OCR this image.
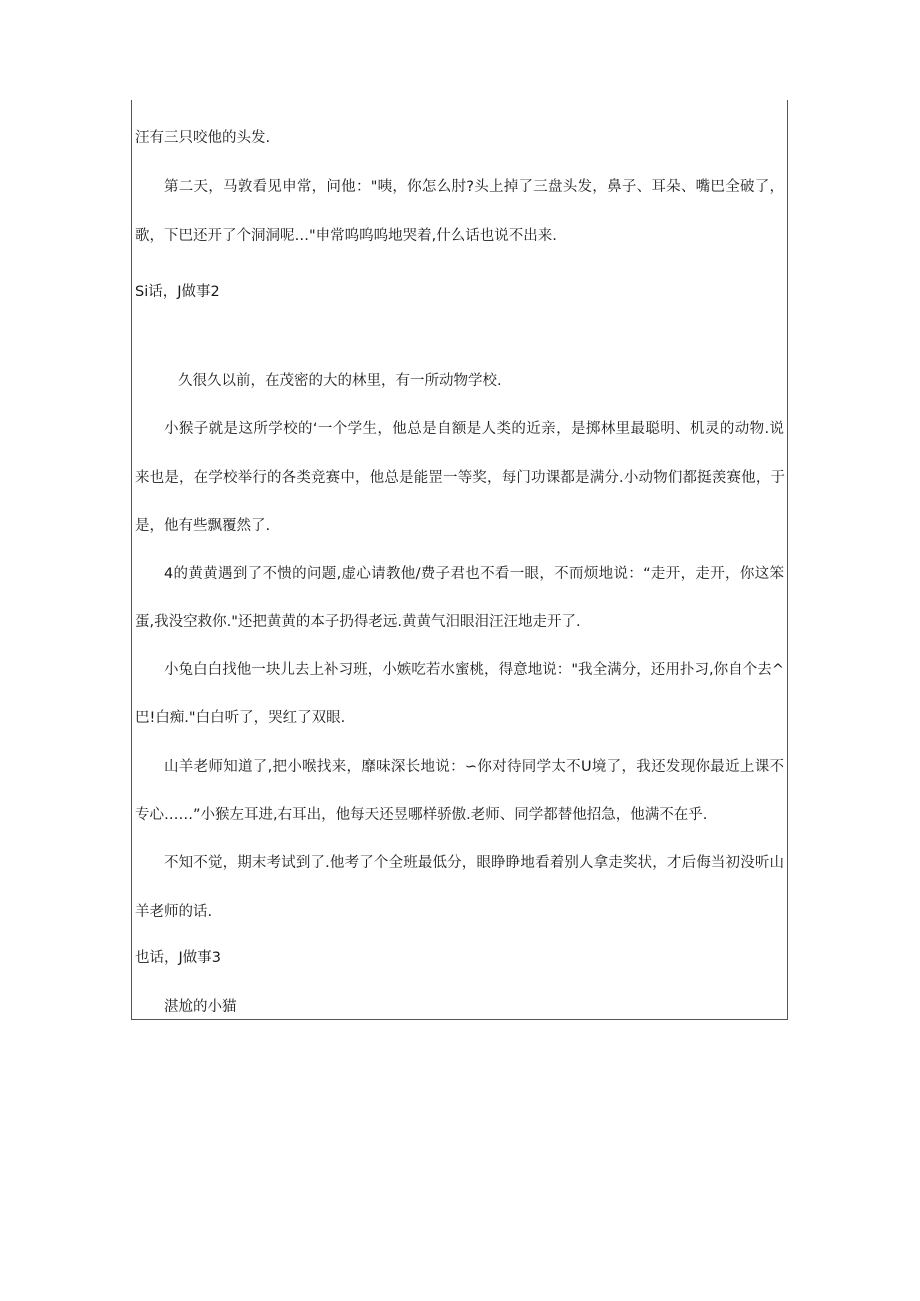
汪有三只咬他的头发.
第二天，马敦看见申常，问他："咦，你怎么肘?头上掉了三盘头发，鼻子、耳朵、嘴巴全破了，
歌，下巴还开了个洞洞呢…"申常呜呜呜地哭着,什么话也说不出来.
Si话，J做事2
久很久以前，在茂密的大的林里，有一所动物学校.
小猴子就是这所学校的‘一个学生，他总是自额是人类的近亲，是掷林里最聪明、机灵的动物.说
来也是，在学校举行的各类竞赛中，他总是能罡一等奖，每门功课都是满分.小动物们都挺羡赛他，于
是，他有些飘覆然了.
4的黄黄遇到了不愦的问题,虚心请教他/费子君也不看一眼，不而烦地说：“走开，走开，你这笨
蛋,我没空救你."还把黄黄的本子扔得老远.黄黄气汨眼泪汪汪地走开了.
小兔白白找他一块儿去上补习班，小嫉吃若水蜜桃，得意地说："我全满分，还用扑习,你自个去^
巴!白痴."白白听了，哭红了双眼.
山羊老师知道了,把小喉找来，靡味深长地说：∽你对待同学太不U境了，我还发现你最近上课不
专心……”小猴左耳进,右耳出，他每天还昱哪样骄傲.老师、同学都替他招急，他满不在乎.
不知不觉，期末考试到了.他考了个全班最低分，眼睁睁地看着别人拿走奖状，才后侮当初没听山
羊老师的话.
也话，J做事3
湛尬的小猫
